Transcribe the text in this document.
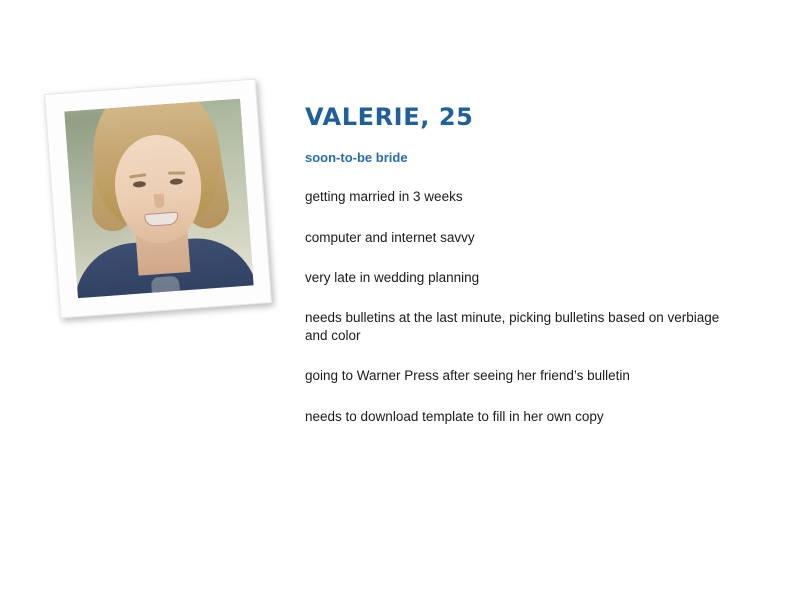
VALERIE, 25
soon-to-be bride
getting married in 3 weeks
computer and internet savvy
very late in wedding planning
needs bulletins at the last minute, picking bulletins based on verbiage and color
going to Warner Press after seeing her friend’s bulletin
needs to download template to fill in her own copy
